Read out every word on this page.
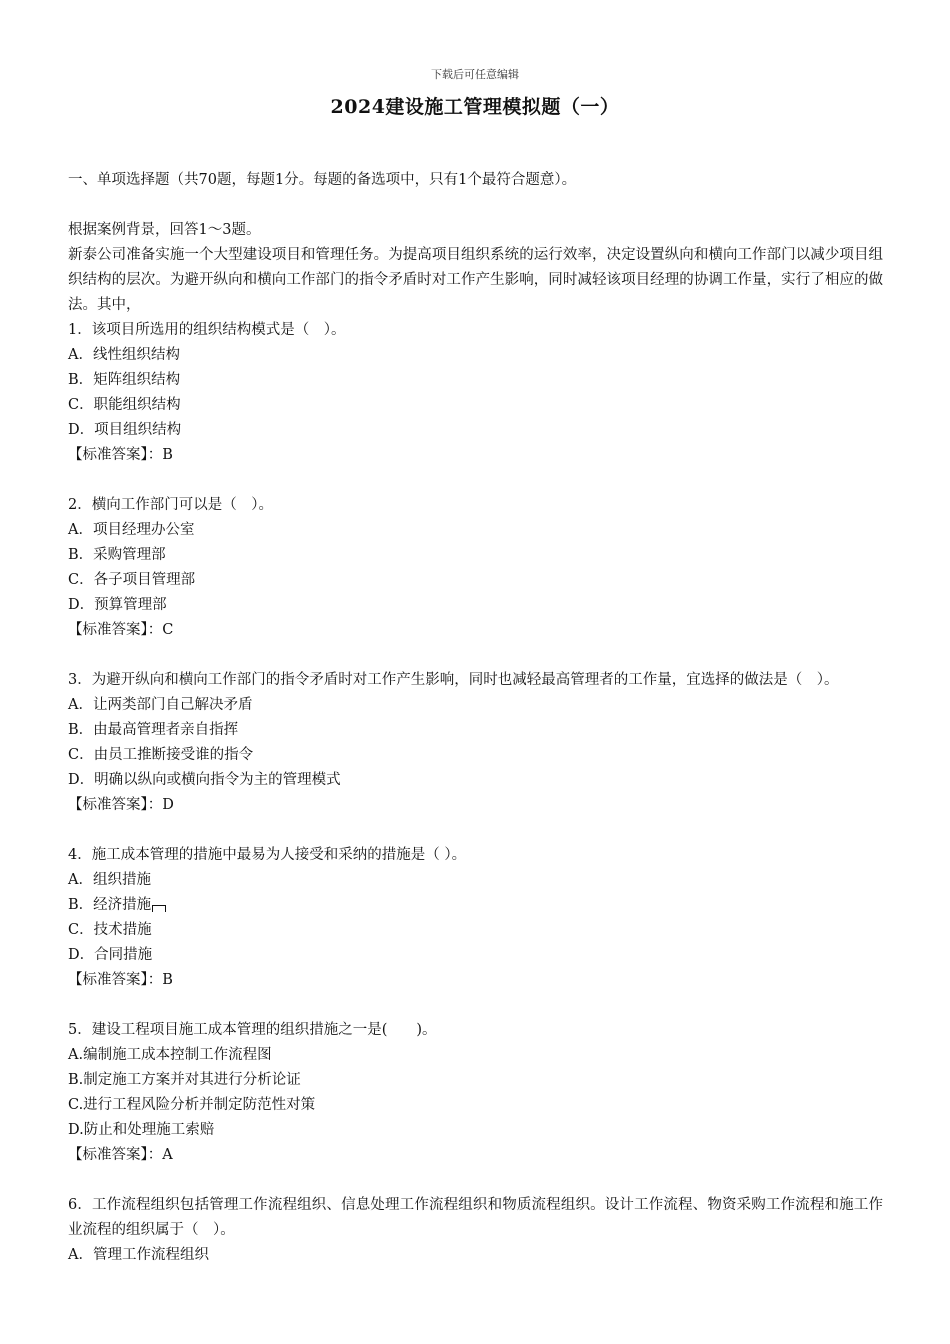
下载后可任意编辑
2024建设施工管理模拟题（一）
一、单项选择题（共70题，每题1分。每题的备选项中，只有1个最符合题意）。
根据案例背景，回答1～3题。
新泰公司准备实施一个大型建设项目和管理任务。为提高项目组织系统的运行效率，决定设置纵向和横向工作部门以减少项目组织结构的层次。为避开纵向和横向工作部门的指令矛盾时对工作产生影响，同时减轻该项目经理的协调工作量，实行了相应的做法。其中，
1．该项目所选用的组织结构模式是（　）。
A．线性组织结构
B．矩阵组织结构
C．职能组织结构
D．项目组织结构
【标准答案】：B
2．横向工作部门可以是（　）。
A．项目经理办公室
B．采购管理部
C．各子项目管理部
D．预算管理部
【标准答案】：C
3．为避开纵向和横向工作部门的指令矛盾时对工作产生影响，同时也减轻最高管理者的工作量，宜选择的做法是（　）。
A．让两类部门自己解决矛盾
B．由最高管理者亲自指挥
C．由员工推断接受谁的指令
D．明确以纵向或横向指令为主的管理模式
【标准答案】：D
4．施工成本管理的措施中最易为人接受和采纳的措施是（ ）。
A．组织措施
B．经济措施
C．技术措施
D．合同措施
【标准答案】：B
5．建设工程项目施工成本管理的组织措施之一是(　　)。
A.编制施工成本控制工作流程图
B.制定施工方案并对其进行分析论证
C.进行工程风险分析并制定防范性对策
D.防止和处理施工索赔
【标准答案】：A
6．工作流程组织包括管理工作流程组织、信息处理工作流程组织和物质流程组织。设计工作流程、物资采购工作流程和施工作业流程的组织属于（　）。
A．管理工作流程组织
